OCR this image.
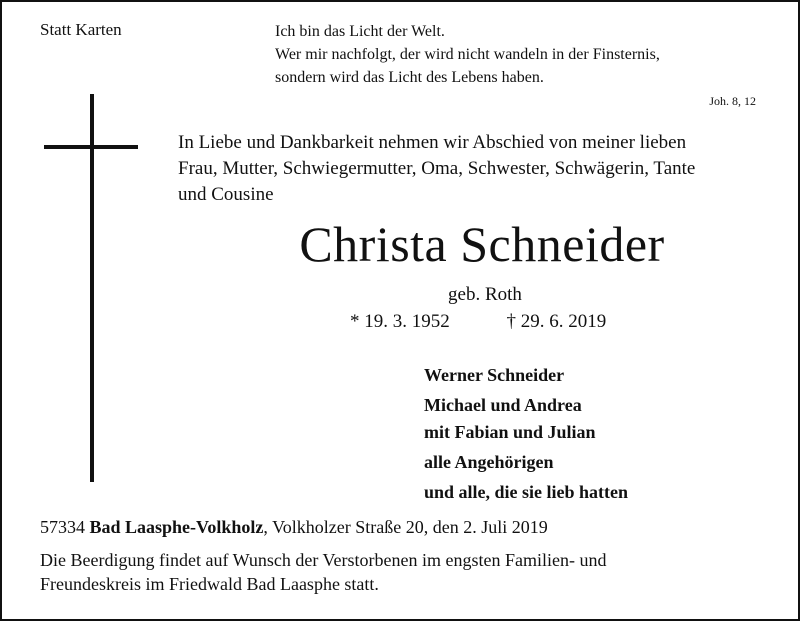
Statt Karten	Ich bin das Licht der Welt.
Wer mir nachfolgt, der wird nicht wandeln in der Finsternis,
sondern wird das Licht des Lebens haben.
Joh. 8, 12
In Liebe und Dankbarkeit nehmen wir Abschied von meiner lieben
Frau, Mutter, Schwiegermutter, Oma, Schwester, Schwägerin, Tante
und Cousine
Christa Schneider
geb. Roth
* 19. 3. 1952	† 29. 6. 2019
Werner Schneider
Michael und Andrea
mit Fabian und Julian
alle Angehörigen
und alle, die sie lieb hatten
57334 Bad Laasphe-Volkholz, Volkholzer Straße 20, den 2. Juli 2019
Die Beerdigung findet auf Wunsch der Verstorbenen im engsten Familien- und
Freundeskreis im Friedwald Bad Laasphe statt.
